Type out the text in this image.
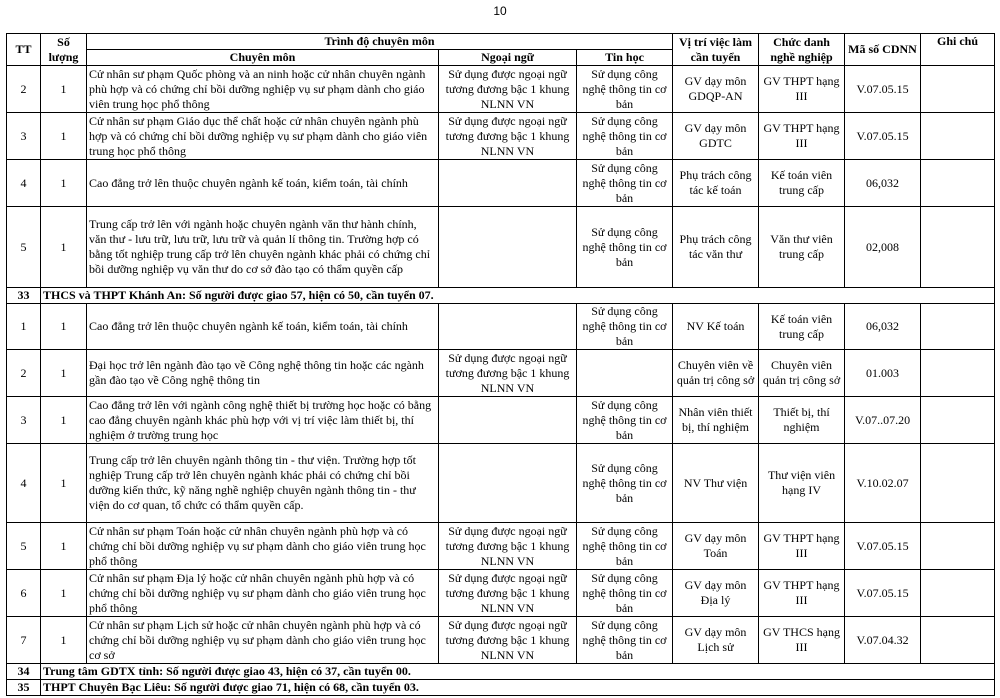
10
TT	Số lượng	Trình độ chuyên môn			Vị trí việc làm cần tuyển	Chức danh nghề nghiệp	Mã số CDNN	Ghi chú
		Chuyên môn	Ngoại ngữ	Tin học				
2	1	Cử nhân sư phạm Quốc phòng và an ninh hoặc cử nhân chuyên ngành phù hợp và có chứng chỉ bồi dưỡng nghiệp vụ sư phạm dành cho giáo viên trung học phổ thông	Sử dụng được ngoại ngữ tương đương bậc 1 khung NLNN VN	Sử dụng công nghệ thông tin cơ bản	GV dạy môn GDQP-AN	GV THPT hạng III	V.07.05.15	
3	1	Cử nhân sư phạm Giáo dục thể chất hoặc cử nhân chuyên ngành phù hợp và có chứng chỉ bồi dưỡng nghiệp vụ sư phạm dành cho giáo viên trung học phổ thông	Sử dụng được ngoại ngữ tương đương bậc 1 khung NLNN VN	Sử dụng công nghệ thông tin cơ bản	GV dạy môn GDTC	GV THPT hạng III	V.07.05.15	
4	1	Cao đẳng trở lên thuộc chuyên ngành kế toán, kiểm toán, tài chính		Sử dụng công nghệ thông tin cơ bản	Phụ trách công tác kế toán	Kế toán viên trung cấp	06,032	
5	1	Trung cấp trở lên với ngành hoặc chuyên ngành văn thư hành chính, văn thư - lưu trữ, lưu trữ, lưu trữ và quản lí thông tin. Trường hợp có bằng tốt nghiệp trung cấp trở lên chuyên ngành khác phải có chứng chỉ bồi dưỡng nghiệp vụ văn thư do cơ sở đào tạo có thẩm quyền cấp		Sử dụng công nghệ thông tin cơ bản	Phụ trách công tác văn thư	Văn thư viên trung cấp	02,008	
33	THCS và THPT Khánh An: Số người được giao 57, hiện có 50, cần tuyển 07.							
1	1	Cao đẳng trở lên thuộc chuyên ngành kế toán, kiểm toán, tài chính		Sử dụng công nghệ thông tin cơ bản	NV Kế toán	Kế toán viên trung cấp	06,032	
2	1	Đại học trở lên ngành đào tạo về Công nghệ thông tin hoặc các ngành gần đào tạo về Công nghệ thông tin	Sử dụng được ngoại ngữ tương đương bậc 1 khung NLNN VN		Chuyên viên về quản trị công sở	Chuyên viên quản trị công sở	01.003	
3	1	Cao đẳng trở lên với ngành công nghệ thiết bị trường học hoặc có bằng cao đẳng chuyên ngành khác phù hợp với vị trí việc làm thiết bị, thí nghiệm ở trường trung học		Sử dụng công nghệ thông tin cơ bản	Nhân viên thiết bị, thí nghiệm	Thiết bị, thí nghiệm	V.07..07.20	
4	1	Trung cấp trở lên chuyên ngành thông tin - thư viện. Trường hợp tốt nghiệp Trung cấp trở lên chuyên ngành khác phải có chứng chỉ bồi dưỡng kiến thức, kỹ năng nghề nghiệp chuyên ngành thông tin - thư viện do cơ quan, tổ chức có thẩm quyền cấp.		Sử dụng công nghệ thông tin cơ bản	NV Thư viện	Thư viện viên hạng IV	V.10.02.07	
5	1	Cử nhân sư phạm Toán hoặc cử nhân chuyên ngành phù hợp và có chứng chỉ bồi dưỡng nghiệp vụ sư phạm dành cho giáo viên trung học phổ thông	Sử dụng được ngoại ngữ tương đương bậc 1 khung NLNN VN	Sử dụng công nghệ thông tin cơ bản	GV dạy môn Toán	GV THPT hạng III	V.07.05.15	
6	1	Cử nhân sư phạm Địa lý hoặc cử nhân chuyên ngành phù hợp và có chứng chỉ bồi dưỡng nghiệp vụ sư phạm dành cho giáo viên trung học phổ thông	Sử dụng được ngoại ngữ tương đương bậc 1 khung NLNN VN	Sử dụng công nghệ thông tin cơ bản	GV dạy môn Địa lý	GV THPT hạng III	V.07.05.15	
7	1	Cử nhân sư phạm Lịch sử hoặc cử nhân chuyên ngành phù hợp và có chứng chỉ bồi dưỡng nghiệp vụ sư phạm dành cho giáo viên trung học cơ sở	Sử dụng được ngoại ngữ tương đương bậc 1 khung NLNN VN	Sử dụng công nghệ thông tin cơ bản	GV dạy môn Lịch sử	GV THCS hạng III	V.07.04.32	
34	Trung tâm GDTX tỉnh: Số người được giao 43, hiện có 37, cần tuyển 00.							
35	THPT Chuyên Bạc Liêu: Số người được giao 71, hiện có 68, cần tuyển 03.							
